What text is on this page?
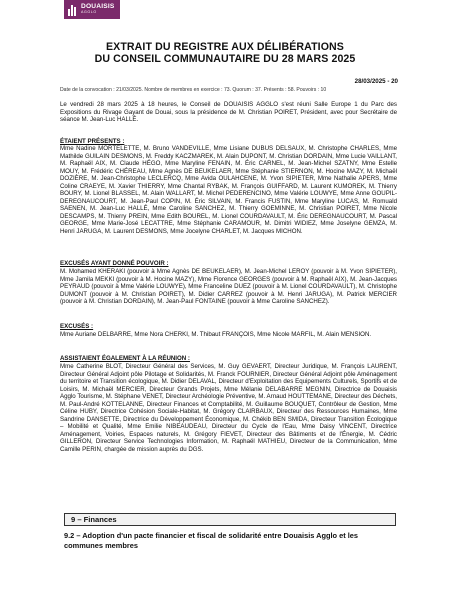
DOUAISIS
AGGLO
EXTRAIT DU REGISTRE AUX DÉLIBÉRATIONS
DU CONSEIL COMMUNAUTAIRE DU 28 MARS 2025
28/03/2025 - 20
Date de la convocation : 21/03/2025. Nombre de membres en exercice : 73. Quorum : 37. Présents : 58. Pouvoirs : 10
Le vendredi 28 mars 2025 à 18 heures, le Conseil de DOUAISIS AGGLO s'est réuni Salle Europe 1 du Parc des Expositions du Rivage Gayant de Douai, sous la présidence de M. Christian POIRET, Président, avec pour Secrétaire de séance M. Jean-Luc HALLÉ.
ÉTAIENT PRÉSENTS :
Mme Nadine MORTELETTE, M. Bruno VANDEVILLE, Mme Lisiane DUBUS DELSAUX, M. Christophe CHARLES, Mme Mathilde GUILAIN DESMONS, M. Freddy KACZMAREK, M. Alain DUPONT, M. Christian DORDAIN, Mme Lucie VAILLANT, M. Raphaël AIX, M. Claude HÉGO, Mme Maryline FENAIN, M. Éric CARNEL, M. Jean-Michel SZATNY, Mme Estelle MOUY, M. Frédéric CHÉREAU, Mme Agnès DE BEUKELAER, Mme Stéphanie STIERNON, M. Hocine MAZY, M. Michaël DOZIÈRE, M. Jean-Christophe LECLERCQ, Mme Avida OULAHCENE, M. Yvon SIPIETER, Mme Nathalie APERS, Mme Coline CRAEYE, M. Xavier THIERRY, Mme Chantal RYBAK, M. François GUIFFARD, M. Laurent KUMOREK, M. Thierry BOURY, M. Lionel BLASSEL, M. Alain WALLART, M. Michel PEDERENCINO, Mme Valérie LOUWYE, Mme Anne GOUPIL-DEREGNAUCOURT, M. Jean-Paul COPIN, M. Éric SILVAIN, M. Francis FUSTIN, Mme Maryline LUCAS, M. Romuald SAENEN, M. Jean-Luc HALLÉ, Mme Caroline SANCHEZ, M. Thierry GOEMINNE, M. Christian POIRET, Mme Nicole DESCAMPS, M. Thierry PREIN, Mme Edith BOUREL, M. Lionel COURDAVAULT, M. Éric DEREGNAUCOURT, M. Pascal GEORGE, Mme Marie-José LECATTRE, Mme Stéphanie CARAMOUR, M. Dimitri WIDIEZ, Mme Joselyne GEMZA, M. Henri JARUGA, M. Laurent DESMONS, Mme Jocelyne CHARLET, M. Jacques MICHON.
EXCUSÉS AYANT DONNÉ POUVOIR :
M. Mohamed KHERAKI (pouvoir à Mme Agnès DE BEUKELAER), M. Jean-Michel LEROY (pouvoir à M. Yvon SIPIETER), Mme Jamila MEKKI (pouvoir à M. Hocine MAZY), Mme Florence GEORGES (pouvoir à M. Raphaël AIX), M. Jean-Jacques PEYRAUD (pouvoir à Mme Valérie LOUWYE), Mme Franceline DUEZ (pouvoir à M. Lionel COURDAVAULT), M. Christophe DUMONT (pouvoir à M. Christian POIRET), M. Didier CARREZ (pouvoir à M. Henri JARUGA), M. Patrick MERCIER (pouvoir à M. Christian DORDAIN), M. Jean-Paul FONTAINE (pouvoir à Mme Caroline SANCHEZ).
EXCUSÉS :
Mme Auriane DELBARRE, Mme Nora CHERKI, M. Thibaut FRANÇOIS, Mme Nicole MARFIL, M. Alain MENSION.
ASSISTAIENT ÉGALEMENT À LA RÉUNION :
Mme Catherine BLOT, Directeur Général des Services, M. Guy GEVAERT, Directeur Juridique, M. François LAURENT, Directeur Général Adjoint pôle Pilotage et Solidarités, M. Franck FOURNIER, Directeur Général Adjoint pôle Aménagement du territoire et Transition écologique, M. Didier DELAVAL, Directeur d'Exploitation des Equipements Culturels, Sportifs et de Loisirs, M. Michaël MERCIER, Directeur Grands Projets, Mme Mélanie DELABARRE MEGNIN, Directrice de Douaisis Agglo Tourisme, M. Stéphane VENET, Directeur Archéologie Préventive, M. Arnaud HOUTTEMANE, Directeur des Déchets, M. Paul-André KOTTELANNE, Directeur Finances et Comptabilité, M. Guillaume BOUQUET, Contrôleur de Gestion, Mme Céline HUBY, Directrice Cohésion Sociale-Habitat, M. Grégory CLAIRBAUX, Directeur des Ressources Humaines, Mme Sandrine DANSETTE, Directrice du Développement Économique, M. Chékib BEN SMIDA, Directeur Transition Écologique – Mobilité et Qualité, Mme Emilie NIBEAUDEAU, Directeur du Cycle de l'Eau, Mme Daisy VINCENT, Directrice Aménagement, Voiries, Espaces naturels, M. Grégory FIEVET, Directeur des Bâtiments et de l'Énergie, M. Cédric GILLERON, Directeur Service Technologies Information, M. Raphaël MATHIEU, Directeur de la Communication, Mme Camille PERIN, chargée de mission auprès du DGS.
9 – Finances
9.2 – Adoption d'un pacte financier et fiscal de solidarité entre Douaisis Agglo et les communes membres
